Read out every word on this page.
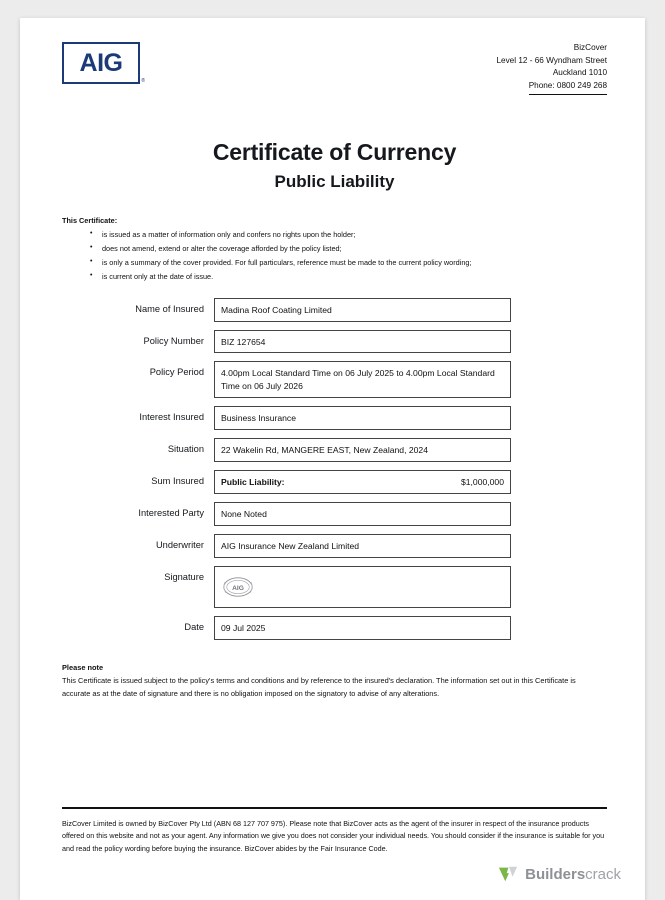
AIG
®
BizCover
Level 12 - 66 Wyndham Street
Auckland 1010
Phone: 0800 249 268
Certificate of Currency
Public Liability
This Certificate:
• is issued as a matter of information only and confers no rights upon the holder;
• does not amend, extend or alter the coverage afforded by the policy listed;
• is only a summary of the cover provided. For full particulars, reference must be made to the current policy wording;
• is current only at the date of issue.
Name of Insured	Madina Roof Coating Limited
Policy Number	BIZ 127654
Policy Period	4.00pm Local Standard Time on 06 July 2025 to 4.00pm Local Standard Time on 06 July 2026
Interest Insured	Business Insurance
Situation	22 Wakelin Rd, MANGERE EAST, New Zealand, 2024
Sum Insured	Public Liability:	$1,000,000
Interested Party	None Noted
Underwriter	AIG Insurance New Zealand Limited
Signature
AIG
Date	09 Jul 2025
Please note
This Certificate is issued subject to the policy's terms and conditions and by reference to the insured's declaration. The information set out in this Certificate is accurate as at the date of signature and there is no obligation imposed on the signatory to advise of any alterations.
BizCover Limited is owned by BizCover Pty Ltd (ABN 68 127 707 975). Please note that BizCover acts as the agent of the insurer in respect of the insurance products offered on this website and not as your agent. Any information we give you does not consider your individual needs. You should consider if the insurance is suitable for you and read the policy wording before buying the insurance. BizCover abides by the Fair Insurance Code.
Builderscrack
